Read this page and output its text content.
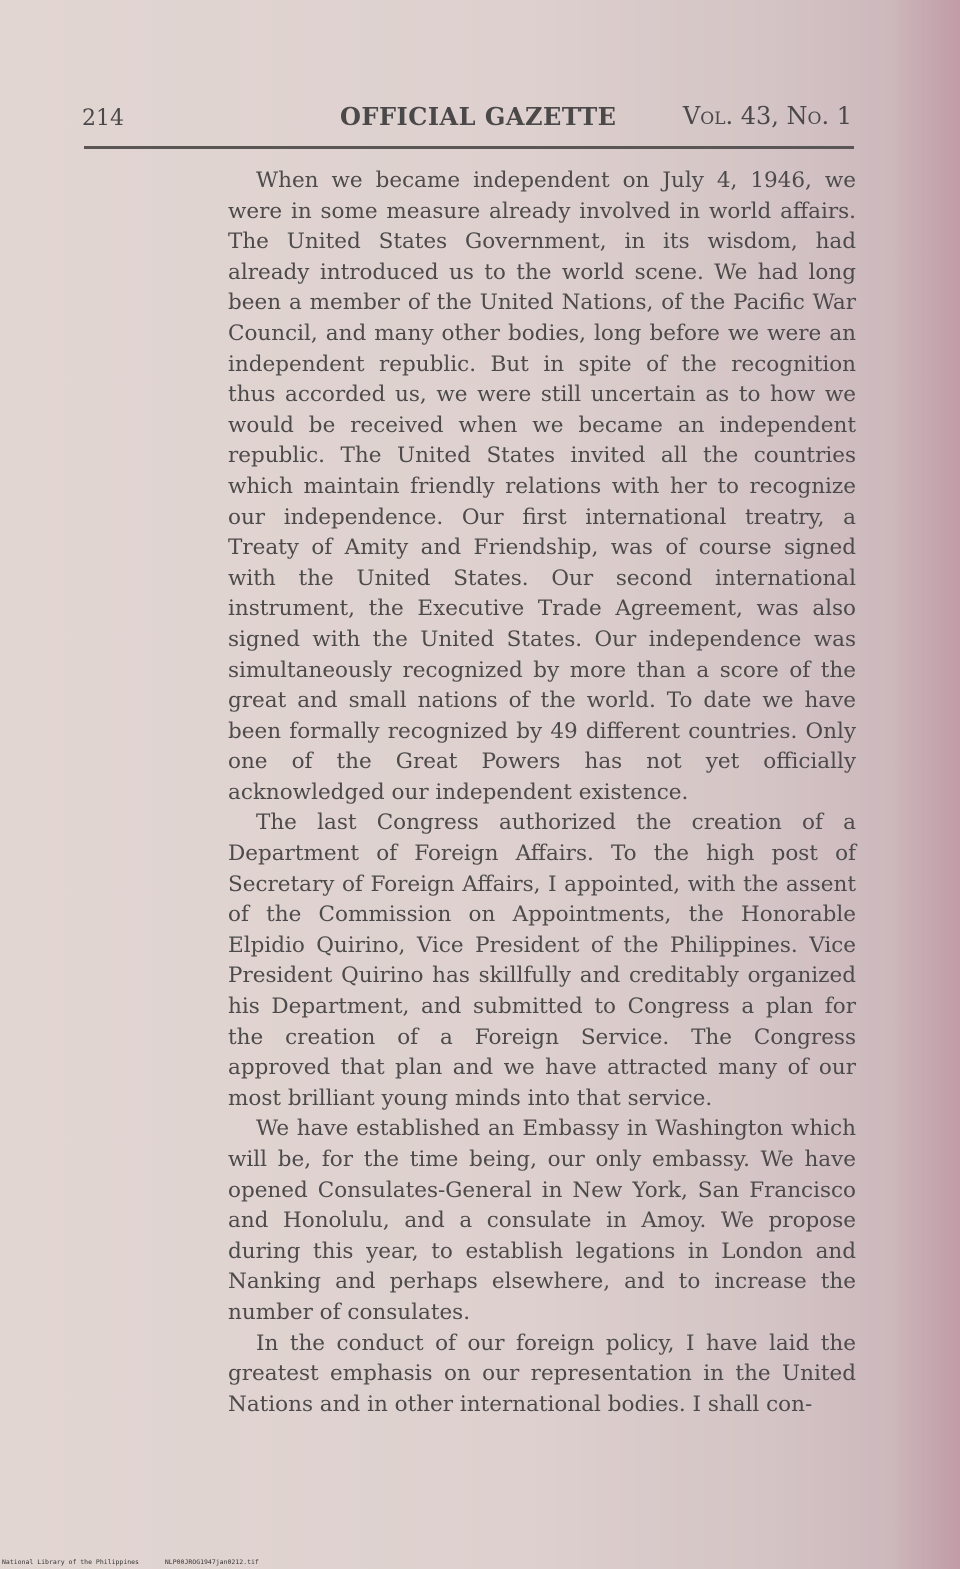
214	OFFICIAL GAZETTE	Vol. 43, No. 1

When we became independent on July 4, 1946, we were in some measure already involved in world affairs. The United States Government, in its wisdom, had already introduced us to the world scene. We had long been a member of the United Nations, of the Pacific War Council, and many other bodies, long before we were an independent republic. But in spite of the recognition thus accorded us, we were still uncertain as to how we would be received when we became an independent republic. The United States invited all the countries which maintain friendly relations with her to recognize our independence. Our first international treatry, a Treaty of Amity and Friendship, was of course signed with the United States. Our second international instrument, the Executive Trade Agreement, was also signed with the United States. Our independence was simultaneously recognized by more than a score of the great and small nations of the world. To date we have been formally recognized by 49 different countries. Only one of the Great Powers has not yet officially acknowledged our independent existence.

The last Congress authorized the creation of a Department of Foreign Affairs. To the high post of Secretary of Foreign Affairs, I appointed, with the assent of the Commission on Appointments, the Honorable Elpidio Quirino, Vice President of the Philippines. Vice President Quirino has skillfully and creditably organized his Department, and submitted to Congress a plan for the creation of a Foreign Service. The Congress approved that plan and we have attracted many of our most brilliant young minds into that service.

We have established an Embassy in Washington which will be, for the time being, our only embassy. We have opened Consulates-General in New York, San Francisco and Honolulu, and a consulate in Amoy. We propose during this year, to establish legations in London and Nanking and perhaps elsewhere, and to increase the number of consulates.

In the conduct of our foreign policy, I have laid the greatest emphasis on our representation in the United Nations and in other international bodies. I shall con-

National Library of the Philippines	NLP00JROG1947jan0212.tif
